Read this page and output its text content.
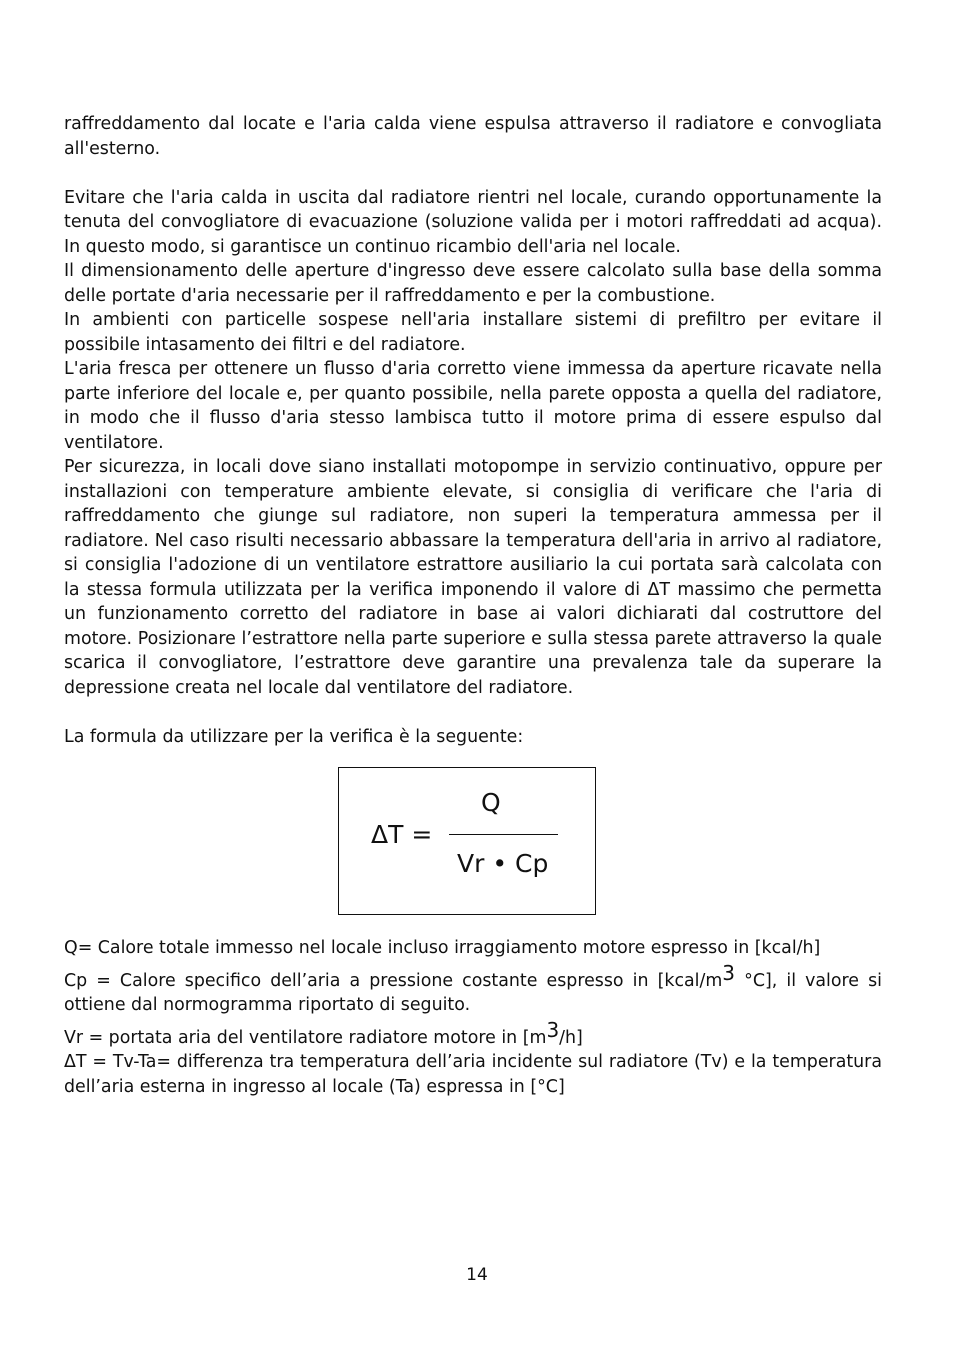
raffreddamento dal locate e l'aria calda viene espulsa attraverso il radiatore e convogliata all'esterno.

Evitare che l'aria calda in uscita dal radiatore rientri nel locale, curando opportunamente la tenuta del convogliatore di evacuazione (soluzione valida per i motori raffreddati ad acqua). In questo modo, si garantisce un continuo ricambio dell'aria nel locale.

Il dimensionamento delle aperture d'ingresso deve essere calcolato sulla base della somma delle portate d'aria necessarie per il raffreddamento e per la combustione.

In ambienti con particelle sospese nell'aria installare sistemi di prefiltro per evitare il possibile intasamento dei filtri e del radiatore.

L'aria fresca per ottenere un flusso d'aria corretto viene immessa da aperture ricavate nella parte inferiore del locale e, per quanto possibile, nella parete opposta a quella del radiatore, in modo che il flusso d'aria stesso lambisca tutto il motore prima di essere espulso dal ventilatore.

Per sicurezza, in locali dove siano installati motopompe in servizio continuativo, oppure per installazioni con temperature ambiente elevate, si consiglia di verificare che l'aria di raffreddamento che giunge sul radiatore, non superi la temperatura ammessa per il radiatore. Nel caso risulti necessario abbassare la temperatura dell'aria in arrivo al radiatore, si consiglia l'adozione di un ventilatore estrattore ausiliario la cui portata sarà calcolata con la stessa formula utilizzata per la verifica imponendo il valore di ΔT massimo che permetta un funzionamento corretto del radiatore in base ai valori dichiarati dal costruttore del motore. Posizionare l’estrattore nella parte superiore e sulla stessa parete attraverso la quale scarica il convogliatore, l’estrattore deve garantire una prevalenza tale da superare la depressione creata nel locale dal ventilatore del radiatore.

La formula da utilizzare per la verifica è la seguente:

ΔT =
Q
Vr • Cp

Q= Calore totale immesso nel locale incluso irraggiamento motore espresso in [kcal/h]

Cp = Calore specifico dell’aria a pressione costante espresso in [kcal/m3 °C], il valore si ottiene dal normogramma riportato di seguito.

Vr = portata aria del ventilatore radiatore motore in [m3/h]

ΔT = Tv-Ta= differenza tra temperatura dell’aria incidente sul radiatore (Tv) e la temperatura dell’aria esterna in ingresso al locale (Ta) espressa in [°C]

14
